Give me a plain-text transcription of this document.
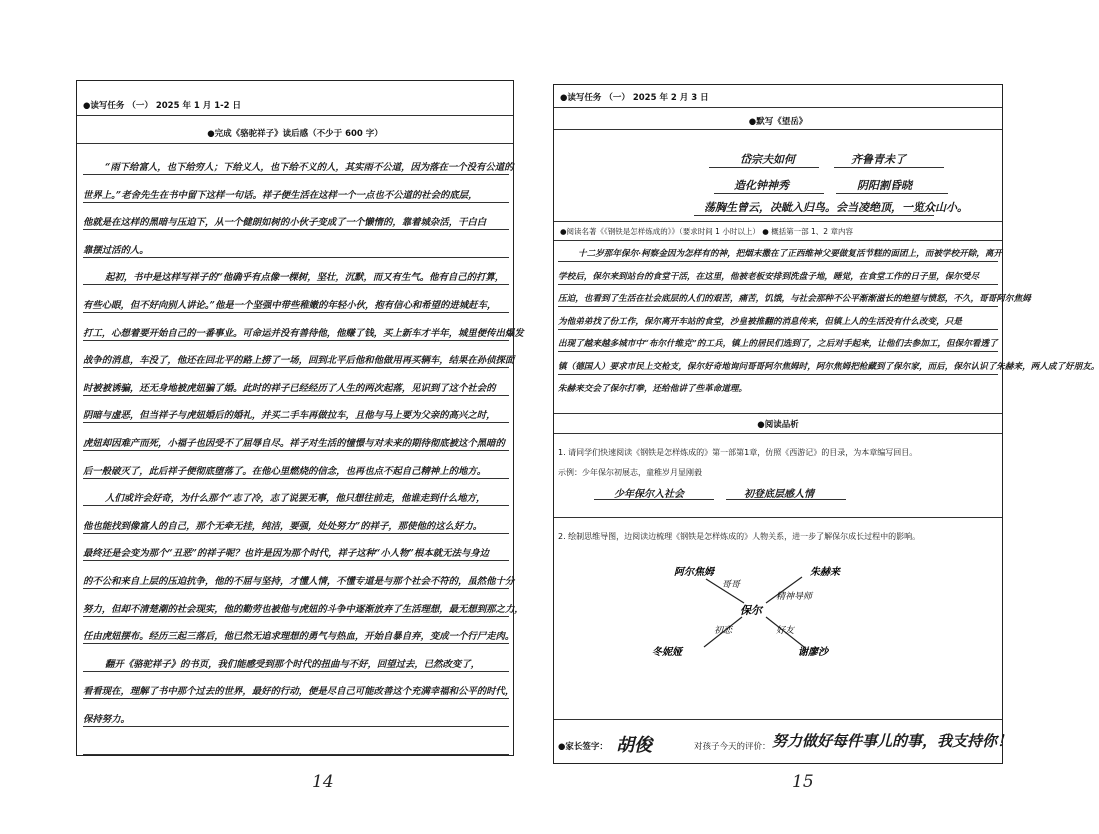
●读写任务 （一） 2025 年 1 月 1-2 日
●完成《骆驼祥子》读后感（不少于 600 字）
“雨下给富人，也下给穷人；下给义人，也下给不义的人，其实雨不公道，因为落在一个没有公道的
世界上。”老舍先生在书中留下这样一句话。祥子便生活在这样一个一点也不公道的社会的底层，
他就是在这样的黑暗与压迫下，从一个健朗如树的小伙子变成了一个懒惰的，靠着城杂活，干白白
靠摆过活的人。
起初，书中是这样写祥子的“他确乎有点像一棵树，坚壮，沉默，而又有生气。他有自己的打算，
有些心眼，但不好向别人讲论。”他是一个坚强中带些稚嫩的年轻小伙，抱有信心和希望的进城赶车，
打工，心想着要开始自己的一番事业。可命运并没有善待他，他赚了钱，买上新车才半年，城里便传出爆发
战争的消息，车没了，他还在回北平的路上捞了一场，回到北平后他和他做用再买辆车，结果在孙侦探面
时被被诱骗，还无身地被虎妞骗了婚。此时的祥子已经经历了人生的两次起落，见识到了这个社会的
阴暗与虚恶，但当祥子与虎妞婚后的婚礼，并买二手车再做拉车，且他与马上要为父亲的高兴之时，
虎妞却因难产而死，小福子也因受不了屈辱自尽。祥子对生活的憧憬与对未来的期待彻底被这个黑暗的
后一般破灭了，此后祥子便彻底堕落了。在他心里燃烧的信念，也再也点不起自己精神上的地方。
人们或许会好奇，为什么那个“志了冷，志了说罢无事，他只想往前走，他谁走到什么地方，
他也能找到像富人的自己，那个无牵无挂，纯洁，要强，处处努力”的祥子，那使他的这么好力。
最终还是会变为那个“丑恶”的祥子呢？也许是因为那个时代，祥子这种“小人物”根本就无法与身边
的不公和来自上层的压迫抗争，他的不屈与坚持，才懂人情，不懂专道是与那个社会不符的，虽然他十分
努力，但却不清楚潮的社会现实，他的勤劳也被他与虎妞的斗争中逐渐放弃了生活理想，最无想到那之力，
任由虎妞摆布。经历三起三落后，他已然无追求理想的勇气与热血，开始自暴自弃，变成一个行尸走肉。
翻开《骆驼祥子》的书页，我们能感受到那个时代的扭曲与不好，回望过去，已然改变了，
看看现在，理解了书中那个过去的世界，最好的行动，便是尽自己可能改善这个充满幸福和公平的时代，
保持努力。
14
●读写任务 （一） 2025 年 2 月 3 日
●默写《望岳》
岱宗夫如何	齐鲁青未了
造化钟神秀	阴阳割昏晓
荡胸生曾云，决眦入归鸟。会当凌绝顶，一览众山小。
●阅读名著《《钢铁是怎样炼成的》》（要求时间 1 小时以上） ● 概括第一部 1、2 章内容
十二岁那年保尔·柯察金因为怎样有的神，把烟末撒在了正西维神父要做复活节糕的面团上，而被学校开除，离开
学校后，保尔来到站台的食堂干活，在这里，他被老板安排到洗盘子地，睡觉，在食堂工作的日子里，保尔受尽
压迫，也看到了生活在社会底层的人们的艰苦，痛苦，饥饿，与社会那种不公平渐渐滋长的绝望与愤怒，不久，哥哥阿尔焦姆
为他弟弟找了份工作，保尔离开车站的食堂，沙皇被推翻的消息传来，但镇上人的生活没有什么改变，只是
出现了越来越多城市中“布尔什维克”的工兵，镇上的居民们选到了，之后对手起来，让他们去参加工，但保尔看透了
镇（德国人）要求市民上交枪支，保尔好奇地询问哥哥阿尔焦姆时，阿尔焦姆把枪藏到了保尔家，而后，保尔认识了朱赫来，两人成了好朋友。
朱赫来交会了保尔打拳，还给他讲了些革命道理。
●阅读品析
1. 请同学们快速阅读《钢铁是怎样炼成的》第一部第1章，仿照《西游记》的目录，为本章编写回目。
示例：少年保尔初展志，童稚岁月显刚毅
少年保尔入社会	初登底层感人情
2. 绘制思维导图，边阅读边梳理《钢铁是怎样炼成的》人物关系，进一步了解保尔成长过程中的影响。
保尔
阿尔焦姆
哥哥
朱赫来
精神导师
冬妮娅
初恋
谢廖沙
好友
●家长签字： 胡俊	对孩子今天的评价： 努力做好每件事儿的事，我支持你！
15
